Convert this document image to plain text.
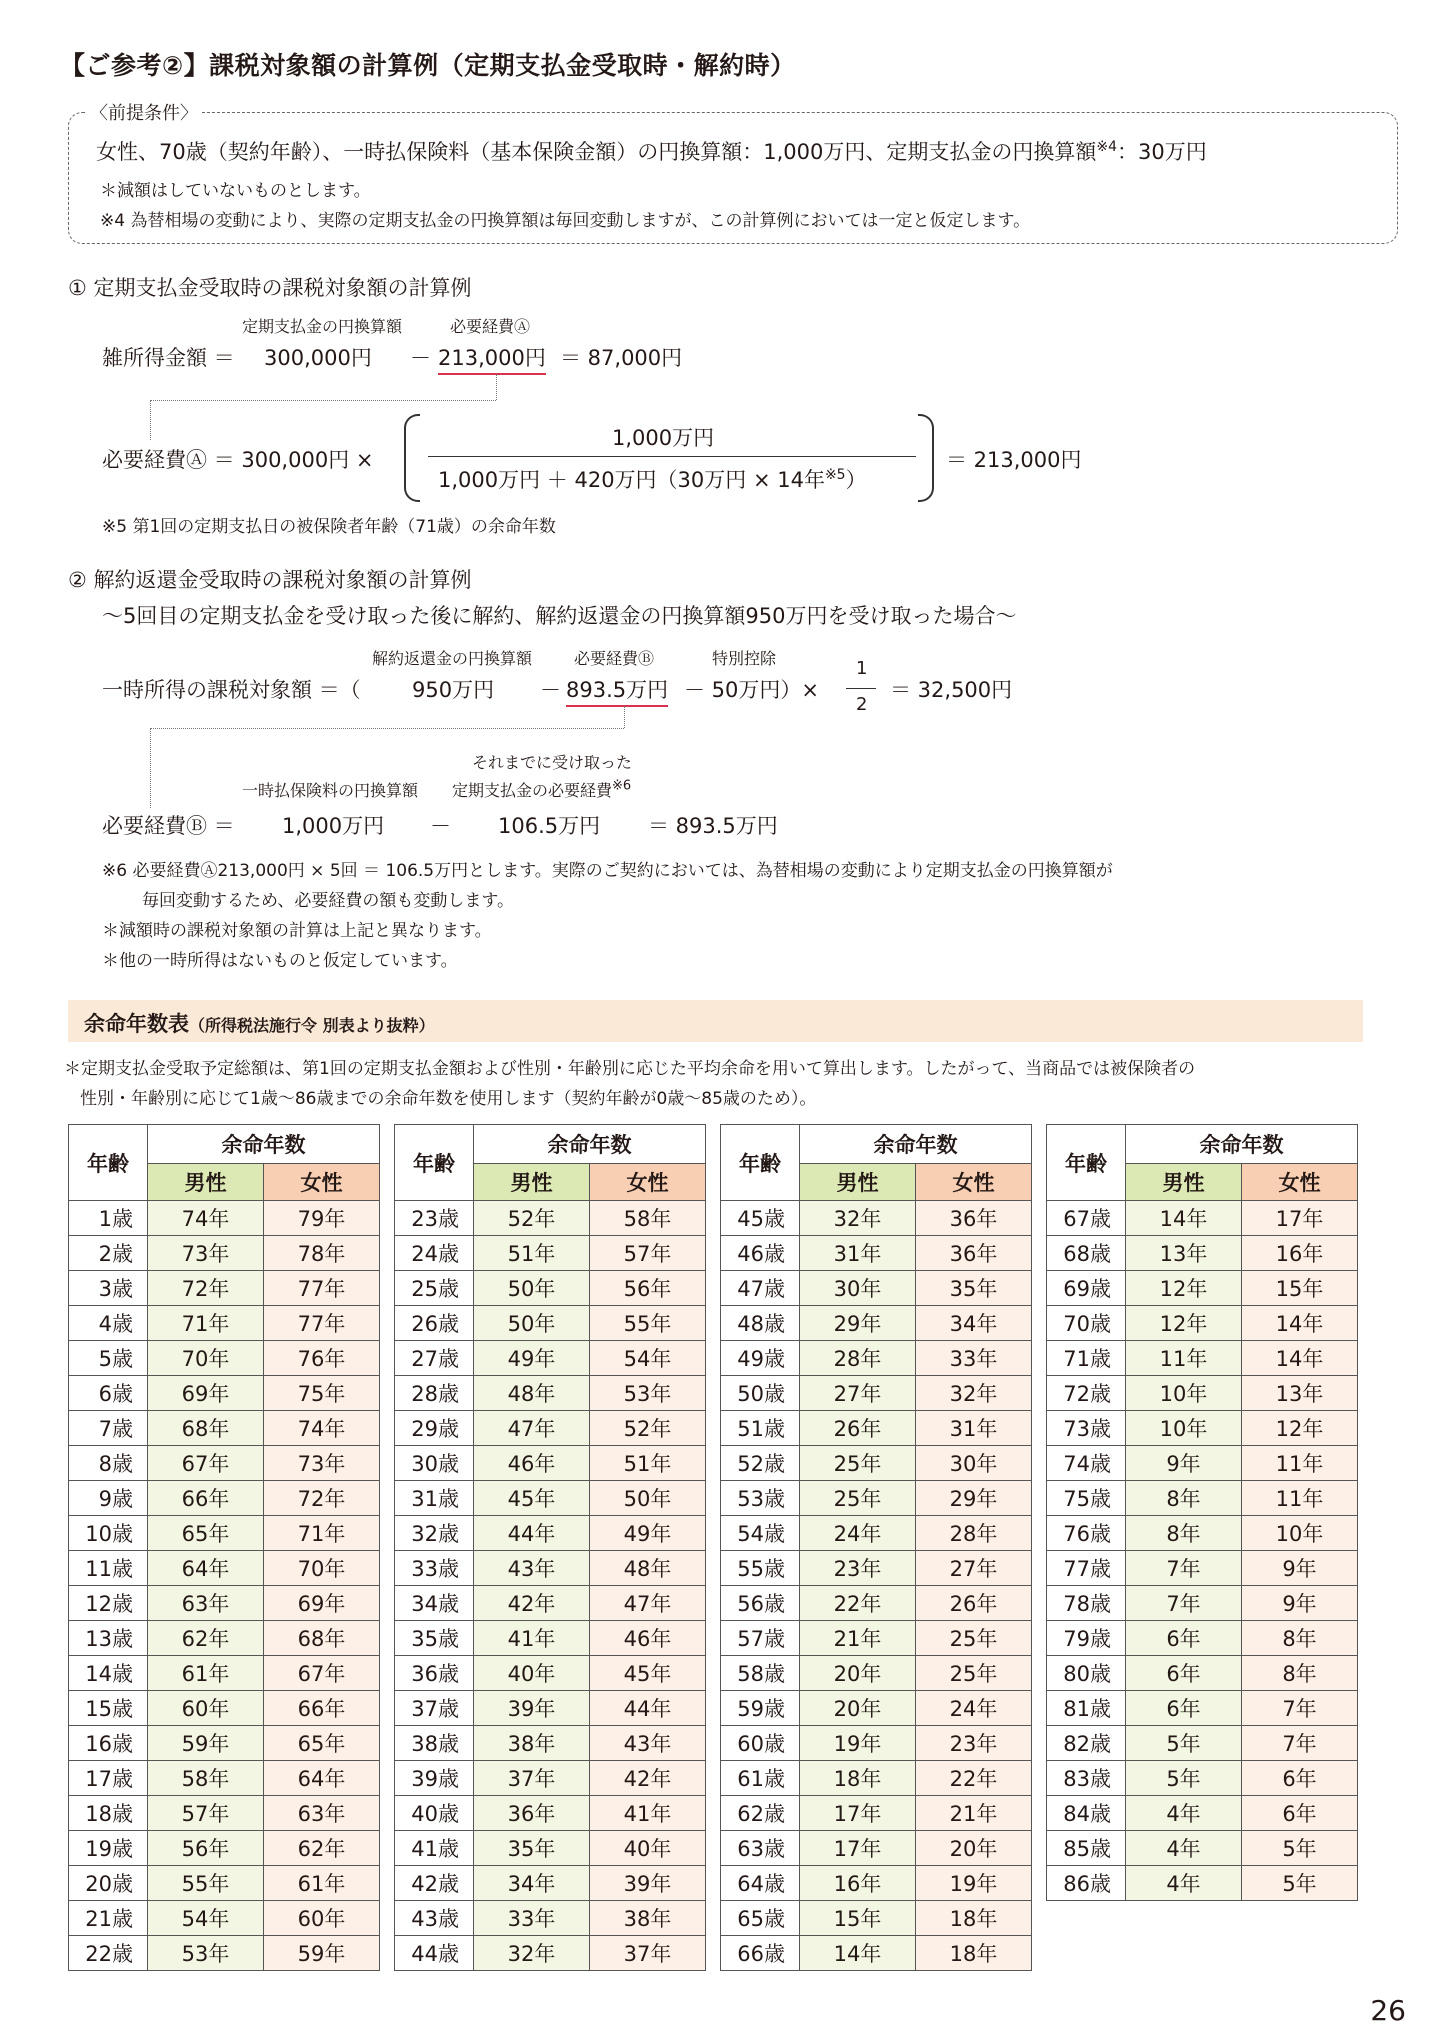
【ご参考②】課税対象額の計算例（定期支払金受取時・解約時）
〈前提条件〉
女性、70歳（契約年齢）、一時払保険料（基本保険金額）の円換算額：1,000万円、定期支払金の円換算額$^{※4}$：30万円
＊減額はしていないものとします。
※4 為替相場の変動により、実際の定期支払金の円換算額は毎回変動しますが、この計算例においては一定と仮定します。
① 定期支払金受取時の課税対象額の計算例
定期支払金の円換算額	必要経費Ⓐ
雑所得金額 ＝ 300,000円 － 213,000円 ＝ 87,000円
必要経費Ⓐ ＝ 300,000円 ×
1,000万円
1,000万円 ＋ 420万円（30万円 × 14年$^{※5}$）
＝ 213,000円
※5 第1回の定期支払日の被保険者年齢（71歳）の余命年数
② 解約返還金受取時の課税対象額の計算例
～5回目の定期支払金を受け取った後に解約、解約返還金の円換算額950万円を受け取った場合～
解約返還金の円換算額	必要経費Ⓑ	特別控除
一時所得の課税対象額 ＝（ 950万円 － 893.5万円 － 50万円）×
1
2
＝ 32,500円
それまでに受け取った
一時払保険料の円換算額 定期支払金の必要経費$^{※6}$
必要経費Ⓑ ＝ 1,000万円 － 106.5万円 ＝ 893.5万円
※6 必要経費Ⓐ213,000円 × 5回 ＝ 106.5万円とします。実際のご契約においては、為替相場の変動により定期支払金の円換算額が
毎回変動するため、必要経費の額も変動します。
＊減額時の課税対象額の計算は上記と異なります。
＊他の一時所得はないものと仮定しています。
余命年数表（所得税法施行令 別表より抜粋）
＊定期支払金受取予定総額は、第1回の定期支払金額および性別・年齢別に応じた平均余命を用いて算出します。したがって、当商品では被保険者の
性別・年齢別に応じて1歳～86歳までの余命年数を使用します（契約年齢が0歳～85歳のため）。
年齢	余命年数	
	男性	女性
1歳	74年	79年
2歳	73年	78年
3歳	72年	77年
4歳	71年	77年
5歳	70年	76年
6歳	69年	75年
7歳	68年	74年
8歳	67年	73年
9歳	66年	72年
10歳	65年	71年
11歳	64年	70年
12歳	63年	69年
13歳	62年	68年
14歳	61年	67年
15歳	60年	66年
16歳	59年	65年
17歳	58年	64年
18歳	57年	63年
19歳	56年	62年
20歳	55年	61年
21歳	54年	60年
22歳	53年	59年
年齢	余命年数	
	男性	女性
23歳	52年	58年
24歳	51年	57年
25歳	50年	56年
26歳	50年	55年
27歳	49年	54年
28歳	48年	53年
29歳	47年	52年
30歳	46年	51年
31歳	45年	50年
32歳	44年	49年
33歳	43年	48年
34歳	42年	47年
35歳	41年	46年
36歳	40年	45年
37歳	39年	44年
38歳	38年	43年
39歳	37年	42年
40歳	36年	41年
41歳	35年	40年
42歳	34年	39年
43歳	33年	38年
44歳	32年	37年
年齢	余命年数	
	男性	女性
45歳	32年	36年
46歳	31年	36年
47歳	30年	35年
48歳	29年	34年
49歳	28年	33年
50歳	27年	32年
51歳	26年	31年
52歳	25年	30年
53歳	25年	29年
54歳	24年	28年
55歳	23年	27年
56歳	22年	26年
57歳	21年	25年
58歳	20年	25年
59歳	20年	24年
60歳	19年	23年
61歳	18年	22年
62歳	17年	21年
63歳	17年	20年
64歳	16年	19年
65歳	15年	18年
66歳	14年	18年
年齢	余命年数	
	男性	女性
67歳	14年	17年
68歳	13年	16年
69歳	12年	15年
70歳	12年	14年
71歳	11年	14年
72歳	10年	13年
73歳	10年	12年
74歳	9年	11年
75歳	8年	11年
76歳	8年	10年
77歳	7年	9年
78歳	7年	9年
79歳	6年	8年
80歳	6年	8年
81歳	6年	7年
82歳	5年	7年
83歳	5年	6年
84歳	4年	6年
85歳	4年	5年
86歳	4年	5年
26
